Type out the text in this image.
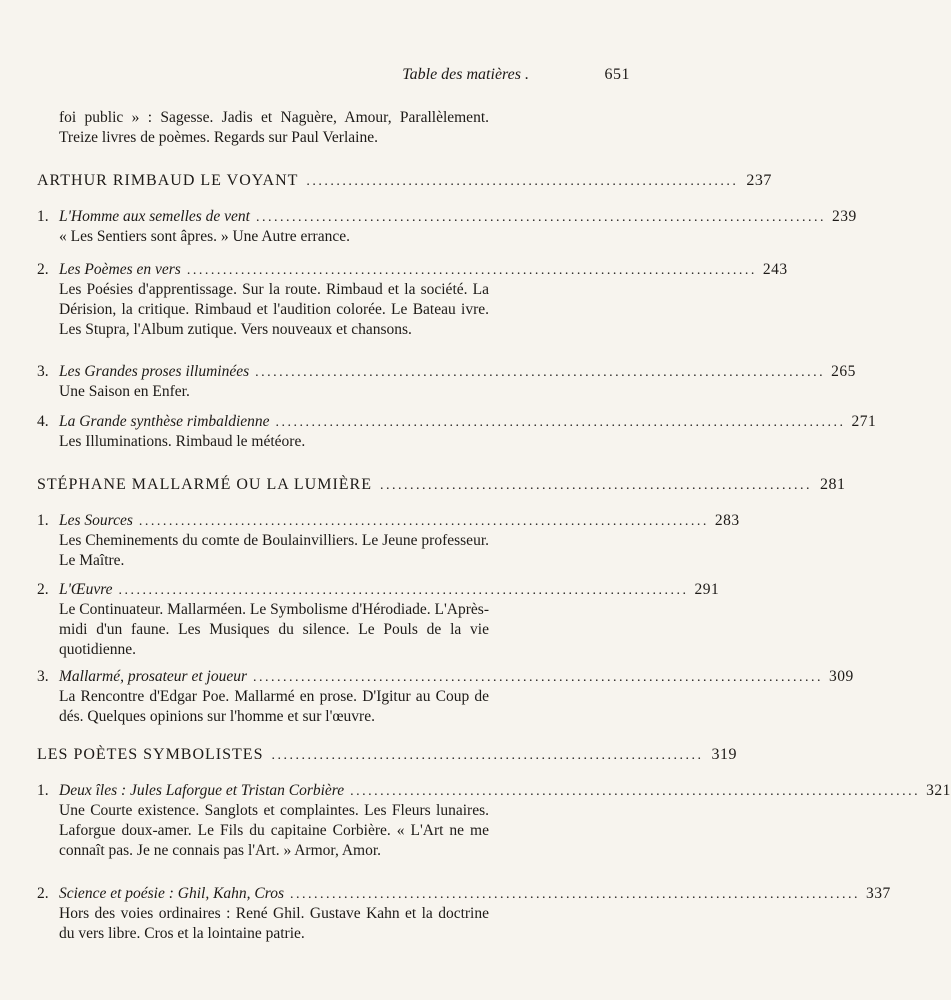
Table des matières .	651
foi public » : Sagesse. Jadis et Naguère, Amour, Parallèlement. Treize livres de poèmes. Regards sur Paul Verlaine.
ARTHUR RIMBAUD LE VOYANT ........................................................................ 237
1. L'Homme aux semelles de vent ............................................................................................... 239
« Les Sentiers sont âpres. » Une Autre errance.
2. Les Poèmes en vers ............................................................................................... 243
Les Poésies d'apprentissage. Sur la route. Rimbaud et la société. La Dérision, la critique. Rimbaud et l'audition colorée. Le Bateau ivre. Les Stupra, l'Album zutique. Vers nouveaux et chansons.
3. Les Grandes proses illuminées ............................................................................................... 265
Une Saison en Enfer.
4. La Grande synthèse rimbaldienne ............................................................................................... 271
Les Illuminations. Rimbaud le météore.
STÉPHANE MALLARMÉ OU LA LUMIÈRE ........................................................................ 281
1. Les Sources ............................................................................................... 283
Les Cheminements du comte de Boulainvilliers. Le Jeune professeur. Le Maître.
2. L'Œuvre ............................................................................................... 291
Le Continuateur. Mallarméen. Le Symbolisme d'Hérodiade. L'Après-midi d'un faune. Les Musiques du silence. Le Pouls de la vie quotidienne.
3. Mallarmé, prosateur et joueur ............................................................................................... 309
La Rencontre d'Edgar Poe. Mallarmé en prose. D'Igitur au Coup de dés. Quelques opinions sur l'homme et sur l'œuvre.
LES POÈTES SYMBOLISTES ........................................................................ 319
1. Deux îles : Jules Laforgue et Tristan Corbière ............................................................................................... 321
Une Courte existence. Sanglots et complaintes. Les Fleurs lunaires. Laforgue doux-amer. Le Fils du capitaine Corbière. « L'Art ne me connaît pas. Je ne connais pas l'Art. » Armor, Amor.
2. Science et poésie : Ghil, Kahn, Cros ............................................................................................... 337
Hors des voies ordinaires : René Ghil. Gustave Kahn et la doctrine du vers libre. Cros et la lointaine patrie.
